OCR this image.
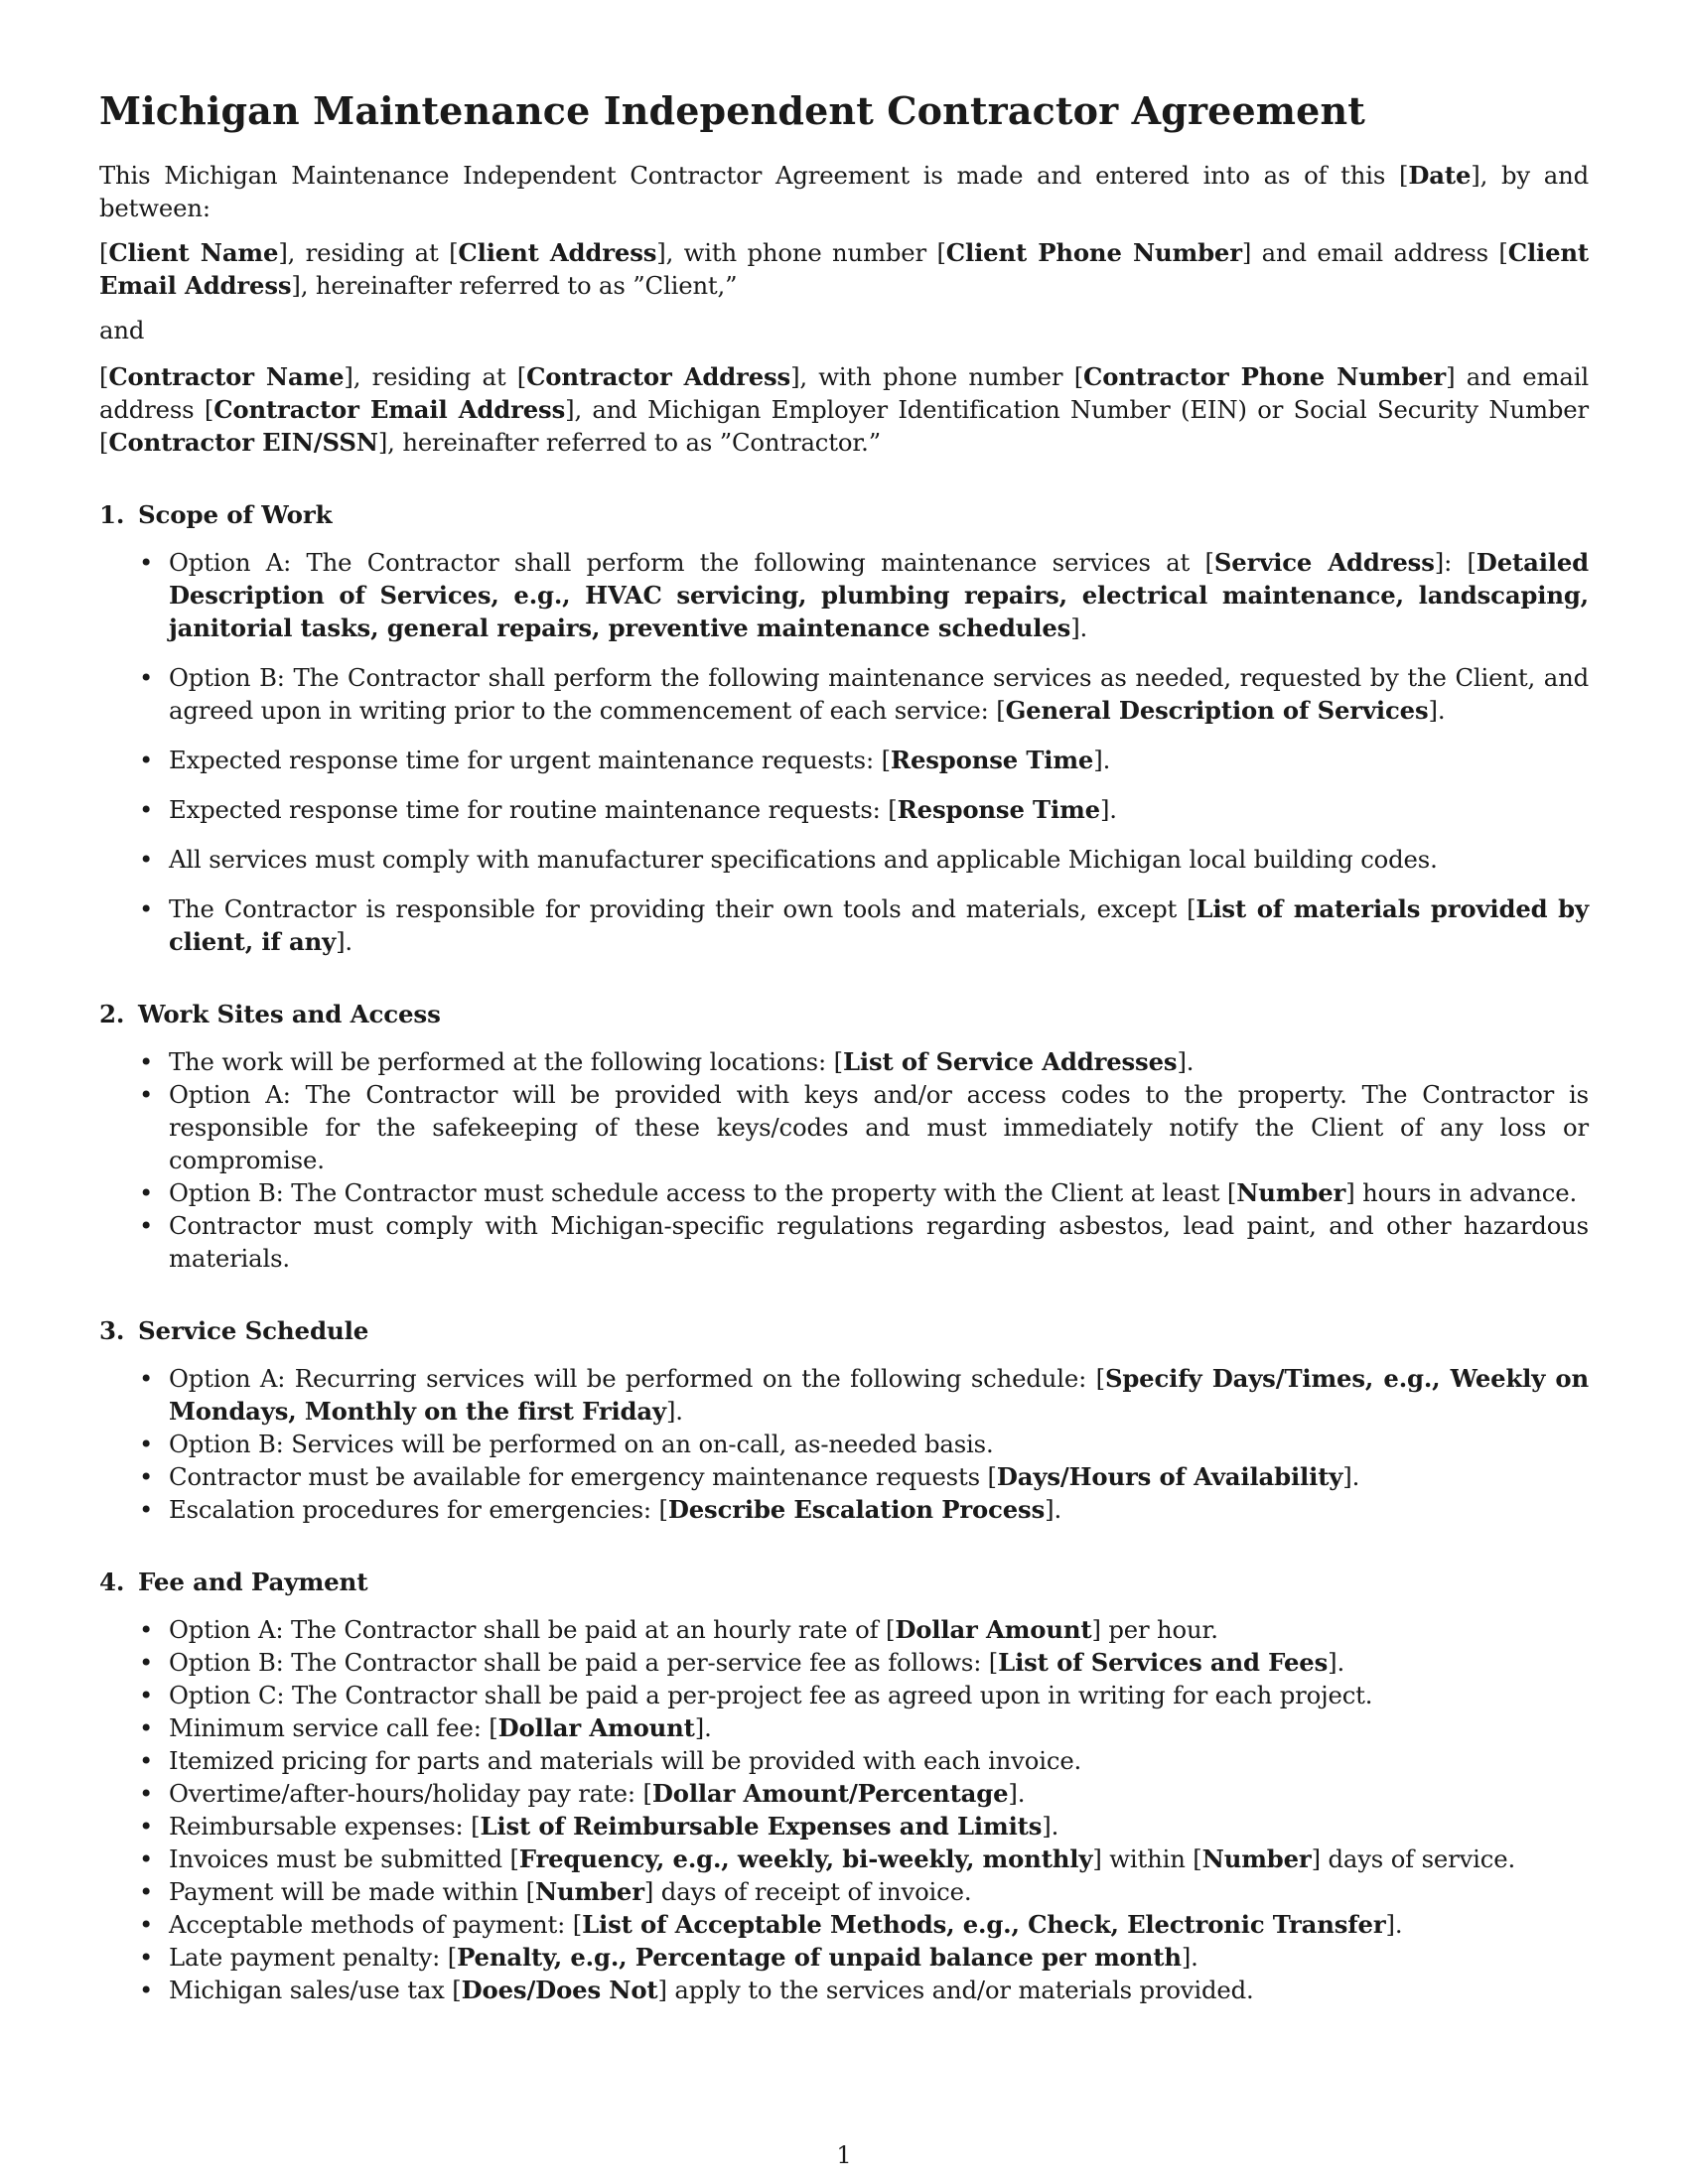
Michigan Maintenance Independent Contractor Agreement

This Michigan Maintenance Independent Contractor Agreement is made and entered into as of this [Date], by and between:

[Client Name], residing at [Client Address], with phone number [Client Phone Number] and email address [Client Email Address], hereinafter referred to as ”Client,”

and

[Contractor Name], residing at [Contractor Address], with phone number [Contractor Phone Number] and email address [Contractor Email Address], and Michigan Employer Identification Number (EIN) or Social Security Number [Contractor EIN/SSN], hereinafter referred to as ”Contractor.”

1. Scope of Work
• Option A: The Contractor shall perform the following maintenance services at [Service Address]: [Detailed Description of Services, e.g., HVAC servicing, plumbing repairs, electrical maintenance, landscaping, janitorial tasks, general repairs, preventive maintenance schedules].
• Option B: The Contractor shall perform the following maintenance services as needed, requested by the Client, and agreed upon in writing prior to the commencement of each service: [General Description of Services].
• Expected response time for urgent maintenance requests: [Response Time].
• Expected response time for routine maintenance requests: [Response Time].
• All services must comply with manufacturer specifications and applicable Michigan local building codes.
• The Contractor is responsible for providing their own tools and materials, except [List of materials provided by client, if any].
2. Work Sites and Access
• The work will be performed at the following locations: [List of Service Addresses].
• Option A: The Contractor will be provided with keys and/or access codes to the property. The Contractor is responsible for the safekeeping of these keys/codes and must immediately notify the Client of any loss or compromise.
• Option B: The Contractor must schedule access to the property with the Client at least [Number] hours in advance.
• Contractor must comply with Michigan-specific regulations regarding asbestos, lead paint, and other hazardous materials.
3. Service Schedule
• Option A: Recurring services will be performed on the following schedule: [Specify Days/Times, e.g., Weekly on Mondays, Monthly on the first Friday].
• Option B: Services will be performed on an on-call, as-needed basis.
• Contractor must be available for emergency maintenance requests [Days/Hours of Availability].
• Escalation procedures for emergencies: [Describe Escalation Process].
4. Fee and Payment
• Option A: The Contractor shall be paid at an hourly rate of [Dollar Amount] per hour.
• Option B: The Contractor shall be paid a per-service fee as follows: [List of Services and Fees].
• Option C: The Contractor shall be paid a per-project fee as agreed upon in writing for each project.
• Minimum service call fee: [Dollar Amount].
• Itemized pricing for parts and materials will be provided with each invoice.
• Overtime/after-hours/holiday pay rate: [Dollar Amount/Percentage].
• Reimbursable expenses: [List of Reimbursable Expenses and Limits].
• Invoices must be submitted [Frequency, e.g., weekly, bi-weekly, monthly] within [Number] days of service.
• Payment will be made within [Number] days of receipt of invoice.
• Acceptable methods of payment: [List of Acceptable Methods, e.g., Check, Electronic Transfer].
• Late payment penalty: [Penalty, e.g., Percentage of unpaid balance per month].
• Michigan sales/use tax [Does/Does Not] apply to the services and/or materials provided.
1
